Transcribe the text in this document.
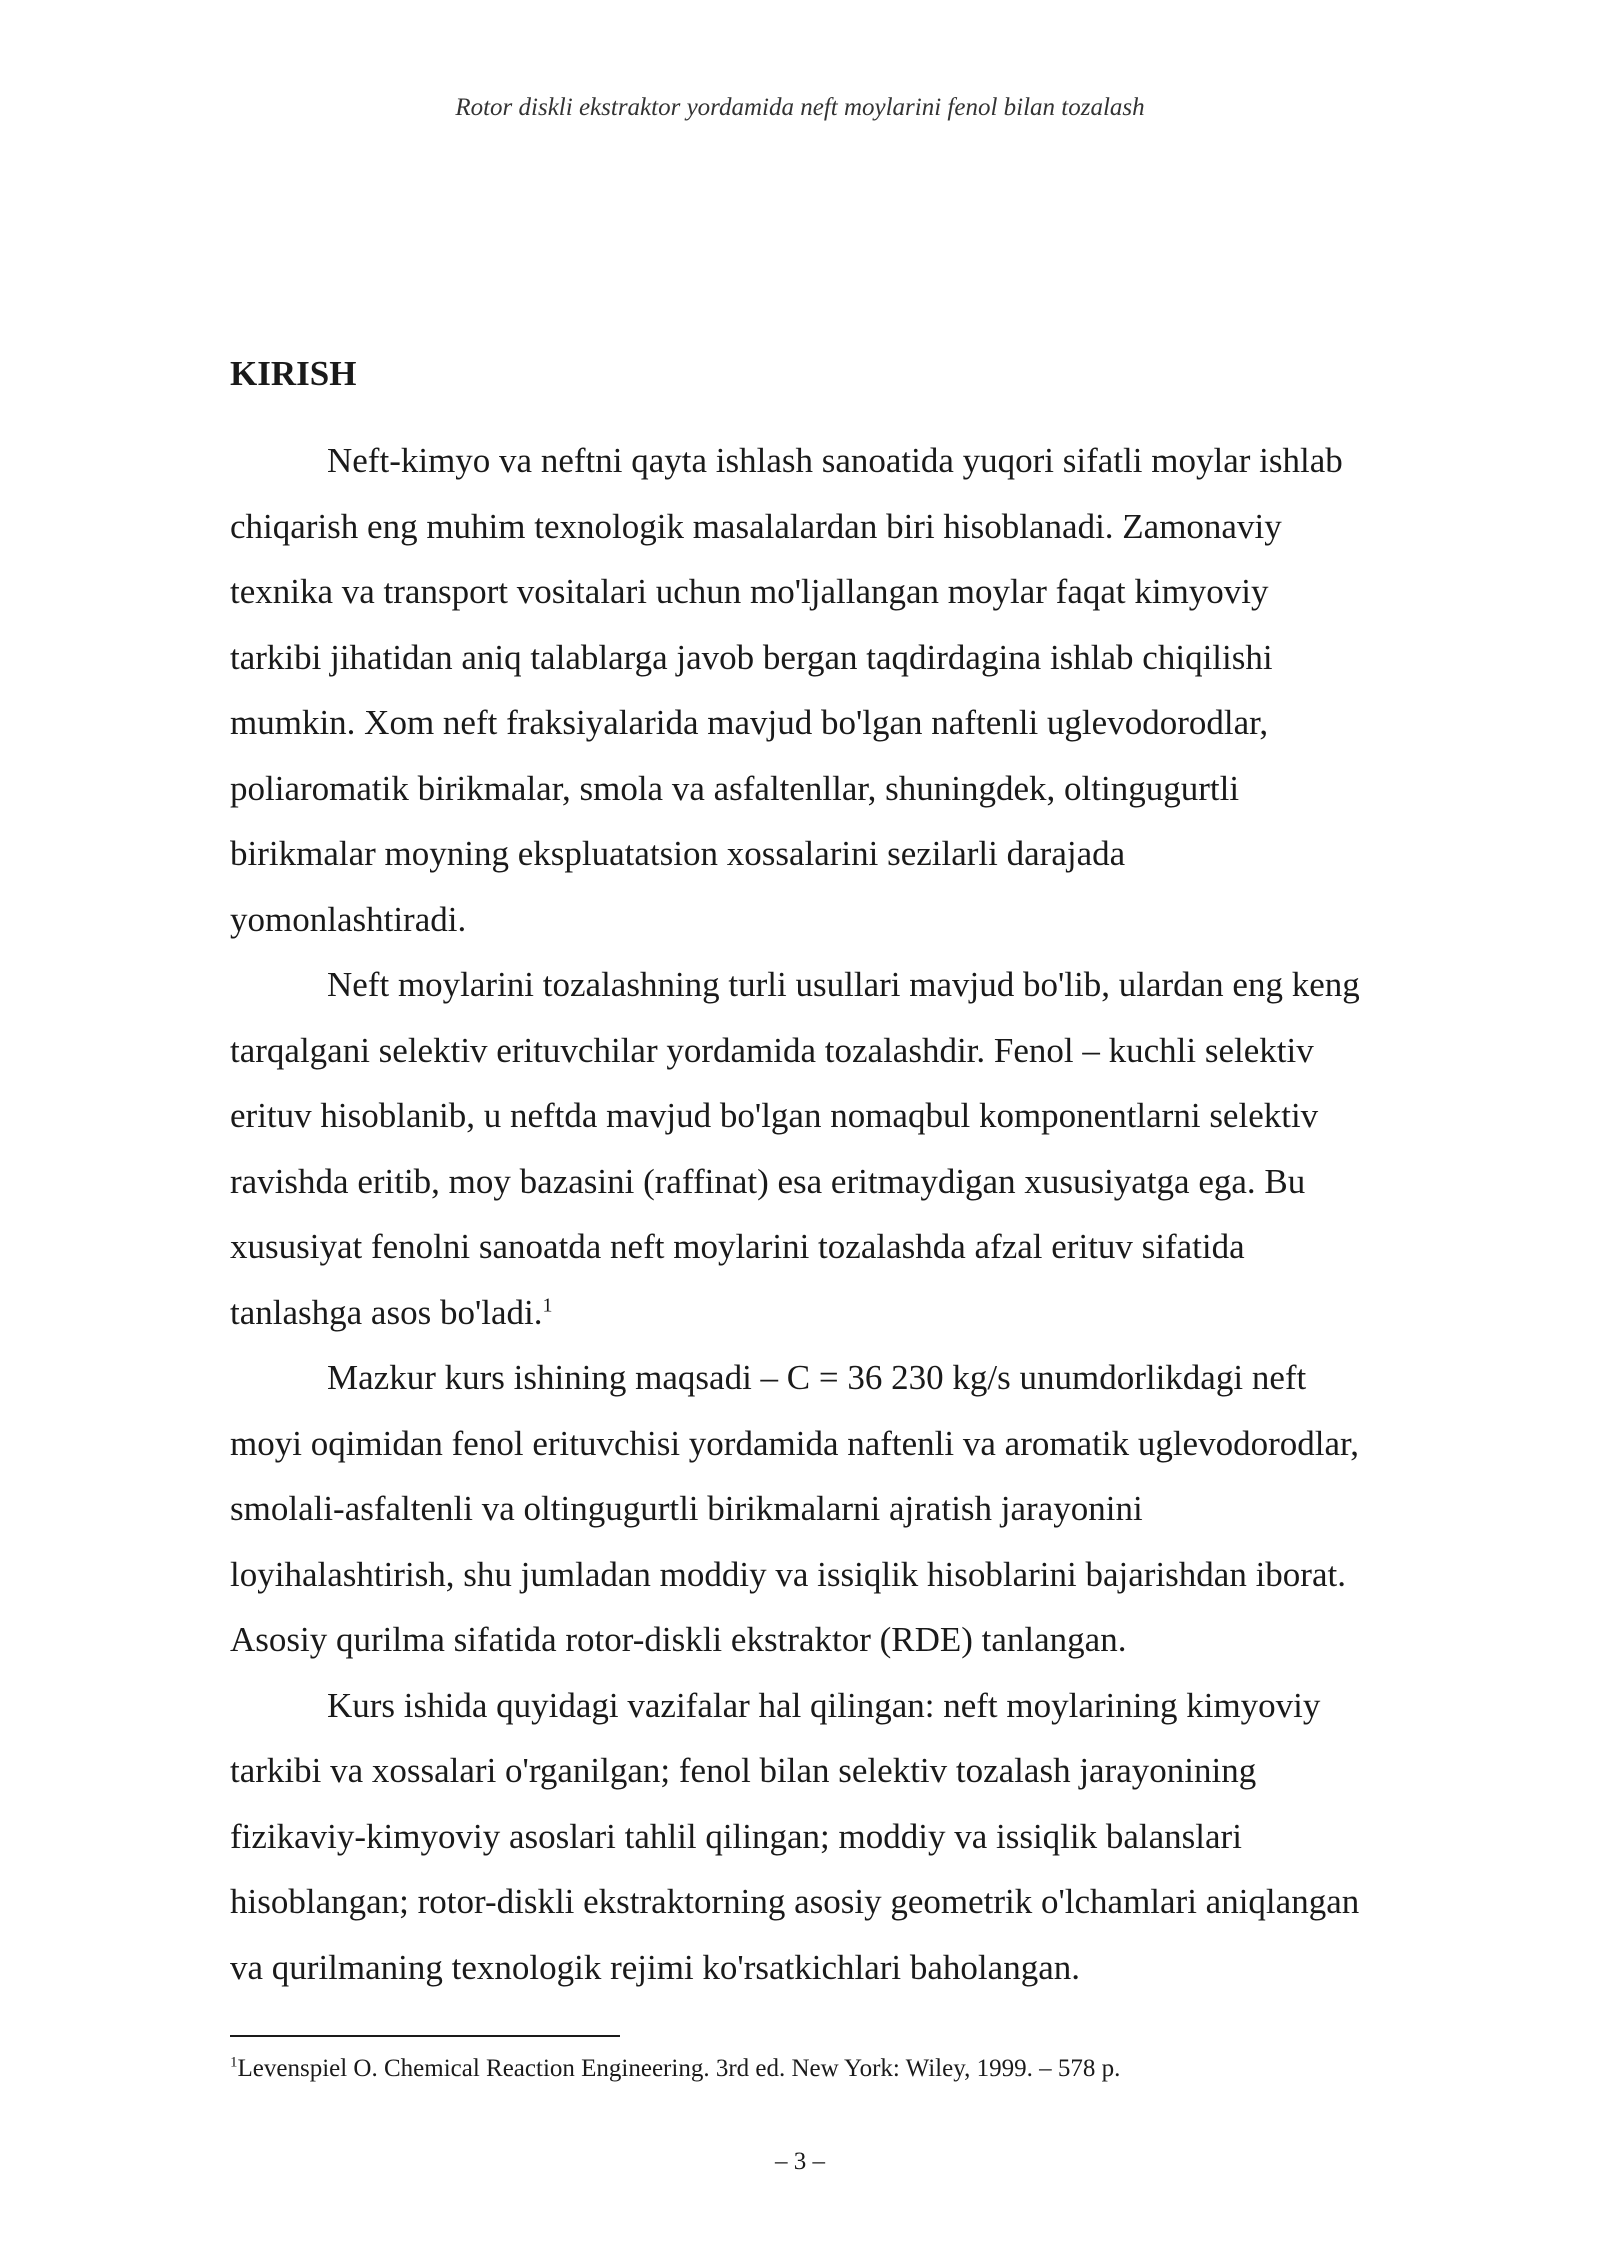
Rotor diskli ekstraktor yordamida neft moylarini fenol bilan tozalash
KIRISH

Neft-kimyo va neftni qayta ishlash sanoatida yuqori sifatli moylar ishlab
chiqarish eng muhim texnologik masalalardan biri hisoblanadi. Zamonaviy
texnika va transport vositalari uchun mo'ljallangan moylar faqat kimyoviy
tarkibi jihatidan aniq talablarga javob bergan taqdirdagina ishlab chiqilishi
mumkin. Xom neft fraksiyalarida mavjud bo'lgan naftenli uglevodorodlar,
poliaromatik birikmalar, smola va asfaltenllar, shuningdek, oltingugurtli
birikmalar moyning ekspluatatsion xossalarini sezilarli darajada
yomonlashtiradi.

Neft moylarini tozalashning turli usullari mavjud bo'lib, ulardan eng keng
tarqalgani selektiv erituvchilar yordamida tozalashdir. Fenol – kuchli selektiv
erituv hisoblanib, u neftda mavjud bo'lgan nomaqbul komponentlarni selektiv
ravishda eritib, moy bazasini (raffinat) esa eritmaydigan xususiyatga ega. Bu
xususiyat fenolni sanoatda neft moylarini tozalashda afzal erituv sifatida
tanlashga asos bo'ladi.$^1$

Mazkur kurs ishining maqsadi – C = 36 230 kg/s unumdorlikdagi neft
moyi oqimidan fenol erituvchisi yordamida naftenli va aromatik uglevodorodlar,
smolali-asfaltenli va oltingugurtli birikmalarni ajratish jarayonini
loyihalashtirish, shu jumladan moddiy va issiqlik hisoblarini bajarishdan iborat.
Asosiy qurilma sifatida rotor-diskli ekstraktor (RDE) tanlangan.

Kurs ishida quyidagi vazifalar hal qilingan: neft moylarining kimyoviy
tarkibi va xossalari o'rganilgan; fenol bilan selektiv tozalash jarayonining
fizikaviy-kimyoviy asoslari tahlil qilingan; moddiy va issiqlik balanslari
hisoblangan; rotor-diskli ekstraktorning asosiy geometrik o'lchamlari aniqlangan
va qurilmaning texnologik rejimi ko'rsatkichlari baholangan.

$^1$Levenspiel O. Chemical Reaction Engineering. 3rd ed. New York: Wiley, 1999. – 578 p.
– 3 –
